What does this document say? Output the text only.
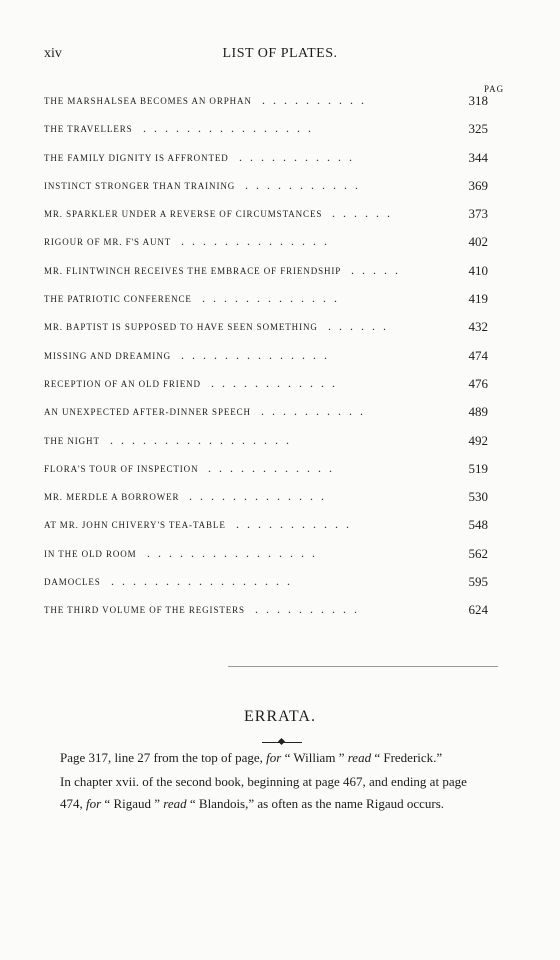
xiv	LIST OF PLATES.
PAG
THE MARSHALSEA BECOMES AN ORPHAN ..........	318
THE TRAVELLERS ................	325
THE FAMILY DIGNITY IS AFFRONTED ...........	344
INSTINCT STRONGER THAN TRAINING ...........	369
MR. SPARKLER UNDER A REVERSE OF CIRCUMSTANCES ......	373
RIGOUR OF MR. F'S AUNT ..............	402
MR. FLINTWINCH RECEIVES THE EMBRACE OF FRIENDSHIP .....	410
THE PATRIOTIC CONFERENCE .............	419
MR. BAPTIST IS SUPPOSED TO HAVE SEEN SOMETHING ......	432
MISSING AND DREAMING ..............	474
RECEPTION OF AN OLD FRIEND ............	476
AN UNEXPECTED AFTER-DINNER SPEECH ..........	489
THE NIGHT .................	492
FLORA'S TOUR OF INSPECTION ............	519
MR. MERDLE A BORROWER .............	530
AT MR. JOHN CHIVERY'S TEA-TABLE ...........	548
IN THE OLD ROOM ................	562
DAMOCLES .................	595
THE THIRD VOLUME OF THE REGISTERS ..........	624
ERRATA.
Page 317, line 27 from the top of page, for “ William ” read “ Frederick.”
In chapter xvii. of the second book, beginning at page 467, and ending at page
474, for “ Rigaud ” read “ Blandois,” as often as the name Rigaud occurs.
